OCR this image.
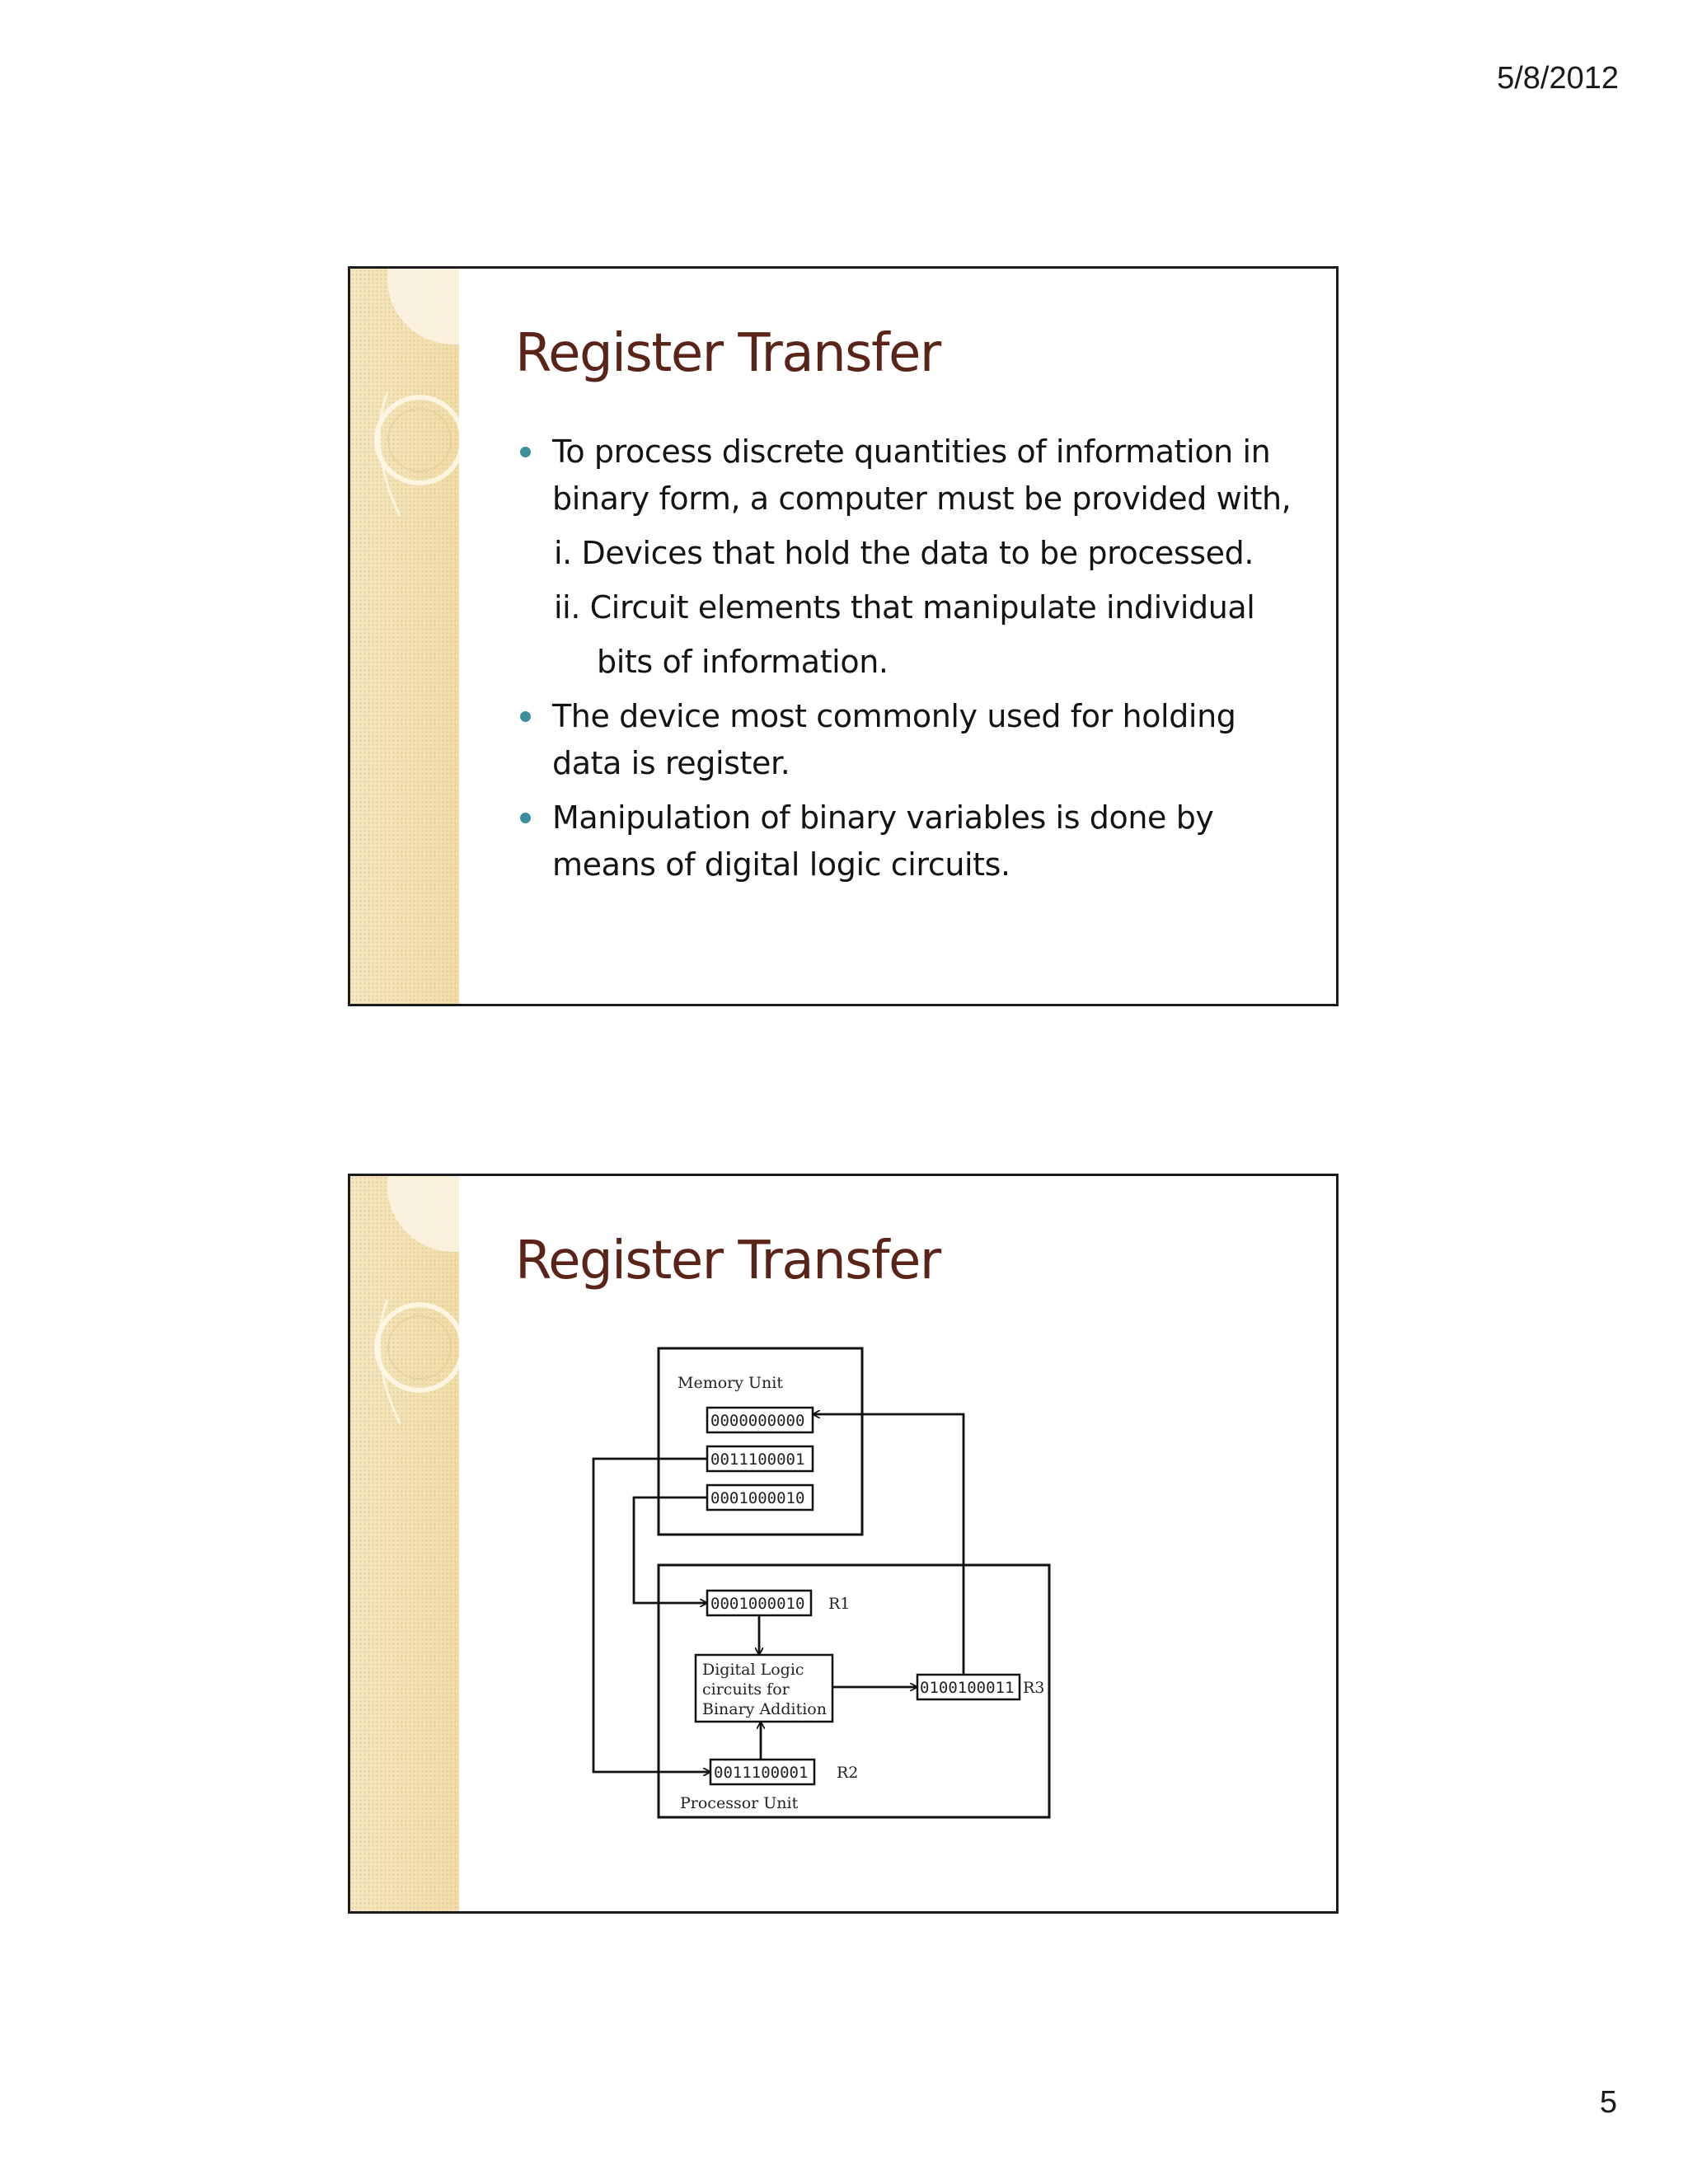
5/8/2012
Register Transfer
To process discrete quantities of information in
binary form, a computer must be provided with,
i. Devices that hold the data to be processed.
ii. Circuit elements that manipulate individual
bits of information.
The device most commonly used for holding
data is register.
Manipulation of binary variables is done by
means of digital logic circuits.
Register Transfer
Memory Unit
0000000000
0011100001
0001000010
Processor Unit
0001000010 R1
Digital Logic
circuits for
Binary Addition
0100100011 R3
0011100001 R2
5
